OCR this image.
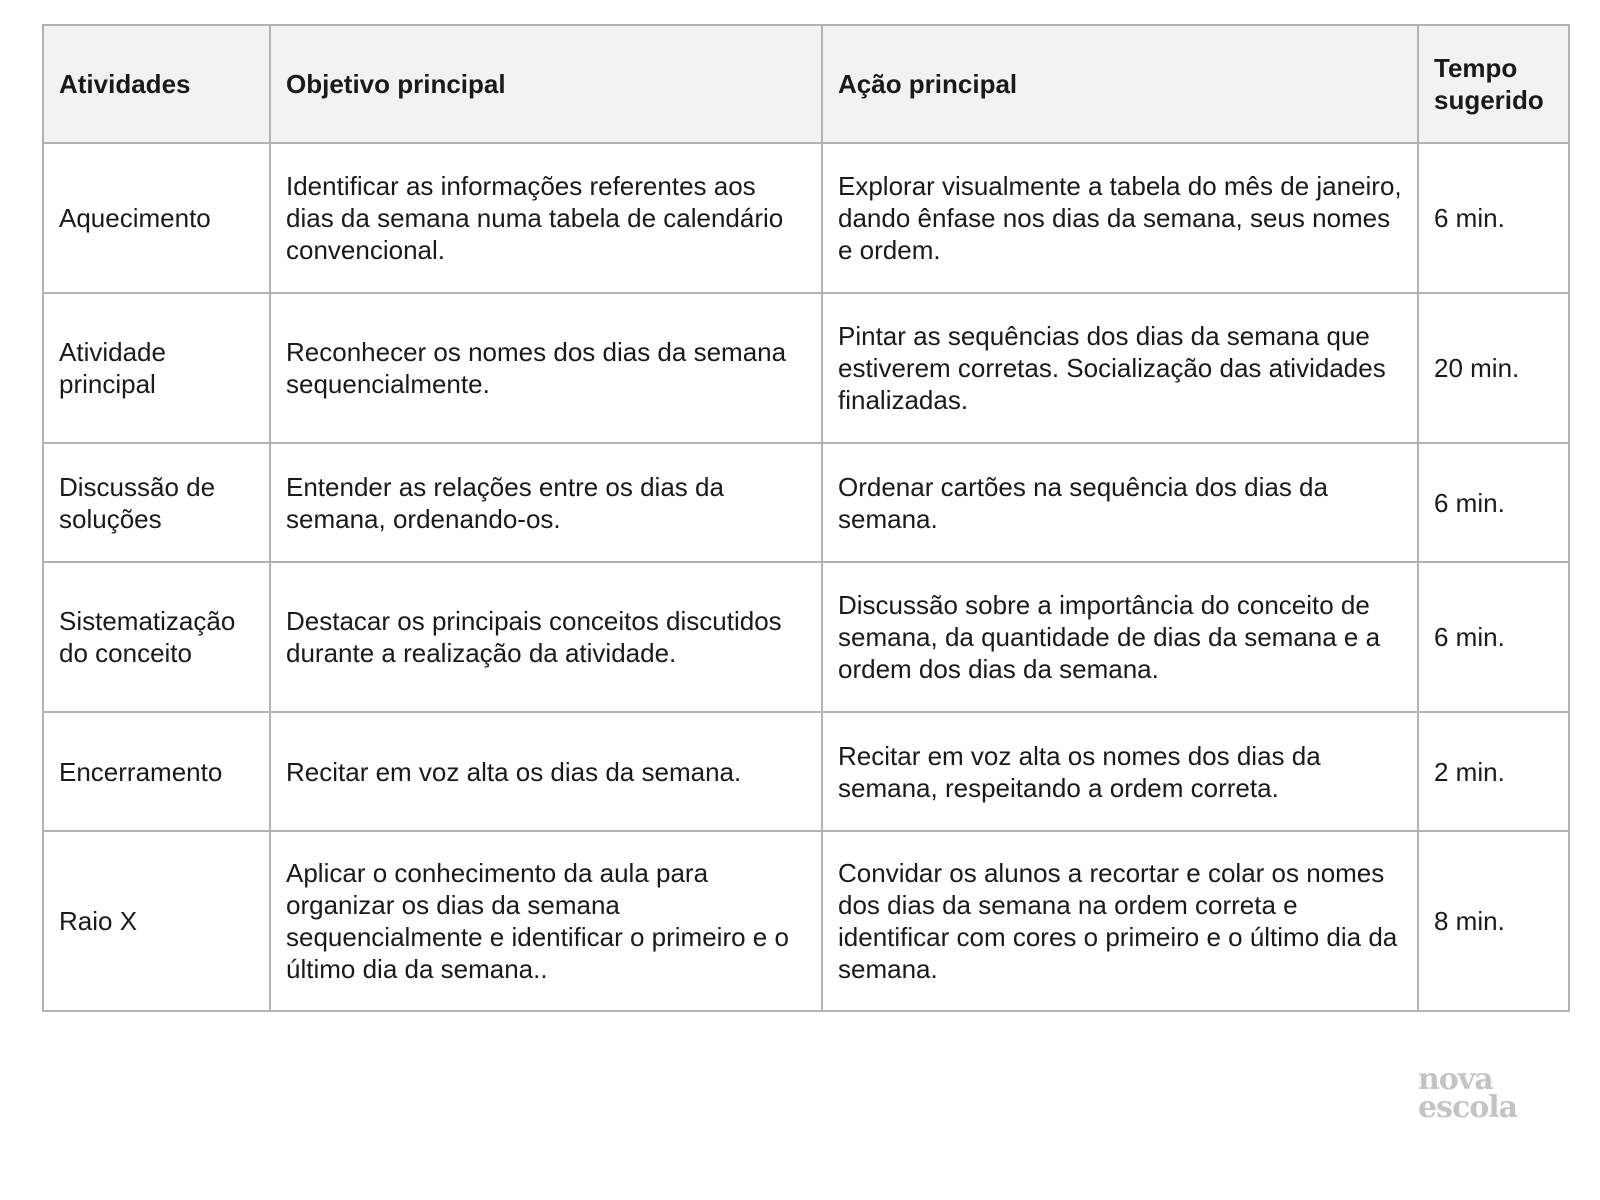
Atividades	Objetivo principal	Ação principal	Tempo sugerido
Aquecimento	Identificar as informações referentes aos dias da semana numa tabela de calendário convencional.	Explorar visualmente a tabela do mês de janeiro, dando ênfase nos dias da semana, seus nomes e ordem.	6 min.
Atividade principal	Reconhecer os nomes dos dias da semana sequencialmente.	Pintar as sequências dos dias da semana que estiverem corretas. Socialização das atividades finalizadas.	20 min.
Discussão de soluções	Entender as relações entre os dias da semana, ordenando-os.	Ordenar cartões na sequência dos dias da semana.	6 min.
Sistematização do conceito	Destacar os principais conceitos discutidos durante a realização da atividade.	Discussão sobre a importância do conceito de semana, da quantidade de dias da semana e a ordem dos dias da semana.	6 min.
Encerramento	Recitar em voz alta os dias da semana.	Recitar em voz alta os nomes dos dias da semana, respeitando a ordem correta.	2 min.
Raio X	Aplicar o conhecimento da aula para organizar os dias da semana sequencialmente e identificar o primeiro e o último dia da semana..	Convidar os alunos a recortar e colar os nomes dos dias da semana na ordem correta e identificar com cores o primeiro e o último dia da semana.	8 min.
nova
escola
